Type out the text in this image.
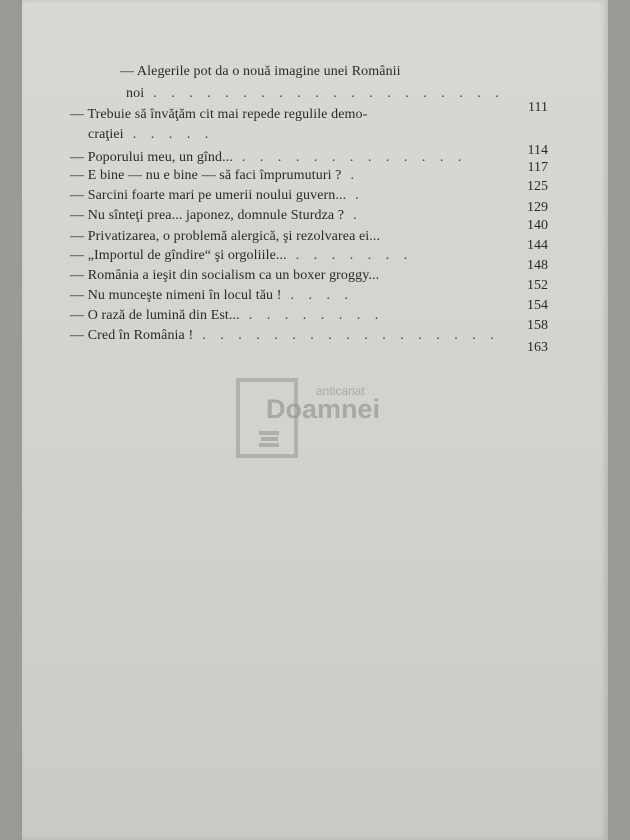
— Alegerile pot da o nouă imagine unei Românii
noi . . . . . . . . . . . . . . . . . . . .
111
— Trebuie să învăţăm cit mai repede regulile demo-
craţiei . . . . .
114
— Poporului meu, un gînd... . . . . . . . . . . . . .
117
— E bine — nu e bine — să faci împrumuturi ? .
125
— Sarcini foarte mari pe umerii noului guvern... .
129
— Nu sînteţi prea... japonez, domnule Sturdza ? .
140
— Privatizarea, o problemă alergică, şi rezolvarea ei...
144
— „Importul de gîndire“ şi orgoliile... . . . . . . .
148
— România a ieşit din socialism ca un boxer groggy...
152
— Nu munceşte nimeni în locul tău ! . . . .
154
— O rază de lumină din Est... . . . . . . . .
158
— Cred în România ! . . . . . . . . . . . . . . . . .
163
anticariat
Doamnei
